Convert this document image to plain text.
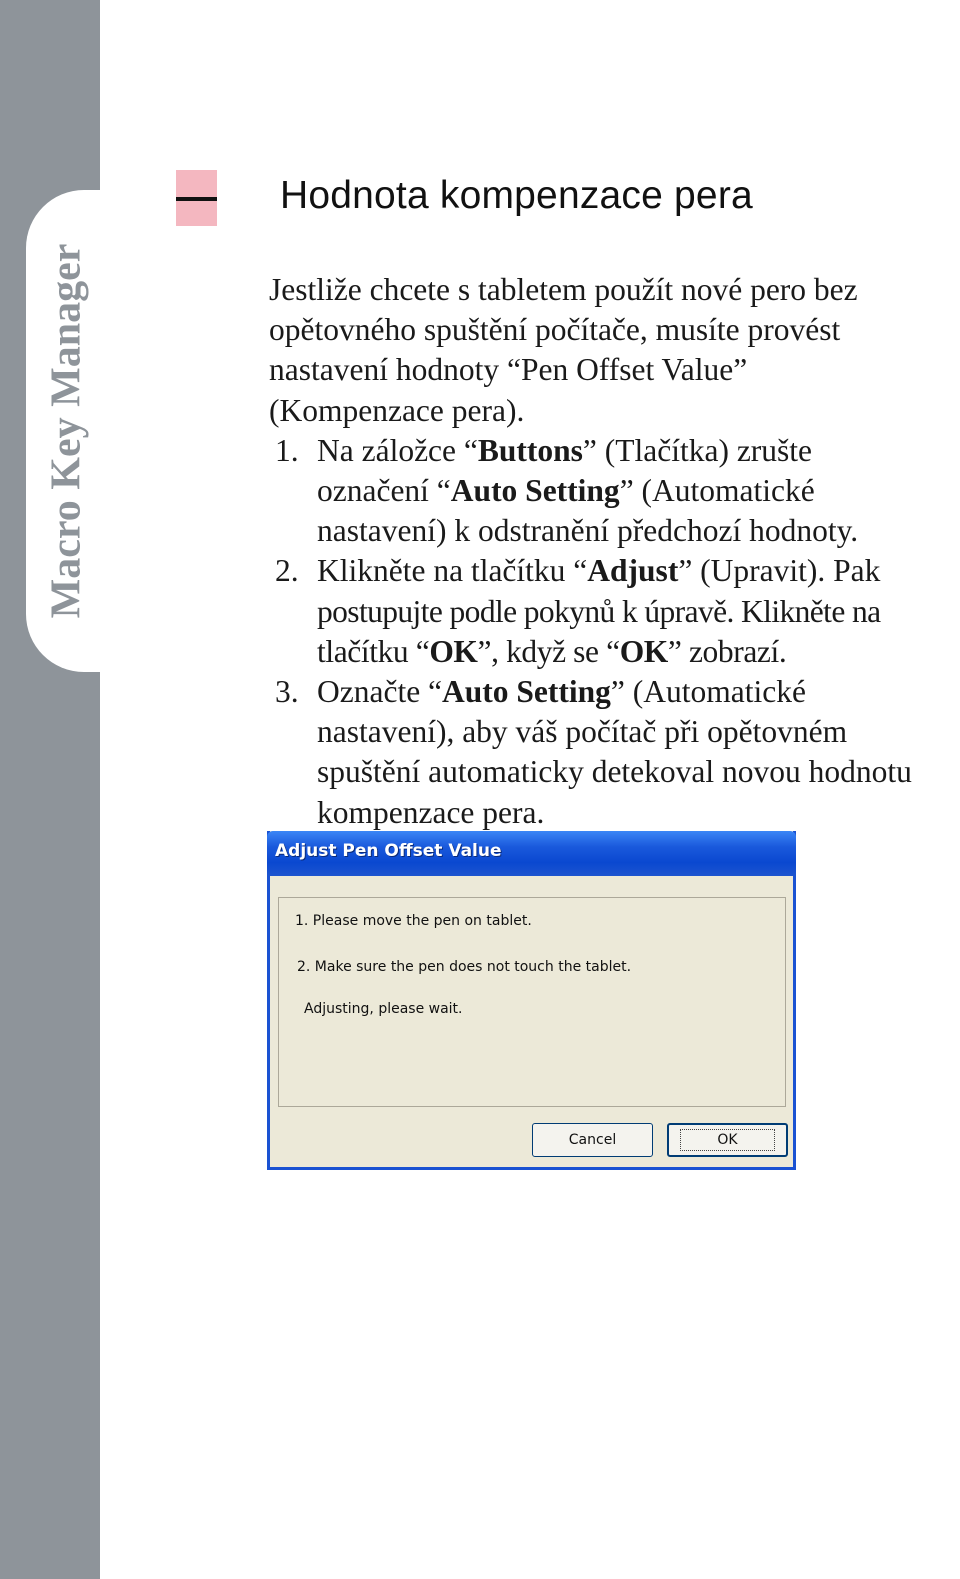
Macro Key Manager
Hodnota kompenzace pera

Jestliže chcete s tabletem použít nové pero bez

opětovného spuštění počítače, musíte provést

nastavení hodnoty “Pen Offset Value”

(Kompenzace pera).

1. Na záložce “Buttons” (Tlačítka) zrušte
označení “Auto Setting” (Automatické
nastavení) k odstranění předchozí hodnoty.
2. Klikněte na tlačítku “Adjust” (Upravit). Pak
postupujte podle pokynů k úpravě. Klikněte na
tlačítku “OK”, když se “OK” zobrazí.
3. Označte “Auto Setting” (Automatické
nastavení), aby váš počítač při opětovném
spuštění automaticky detekoval novou hodnotu
kompenzace pera.
Adjust Pen Offset Value
1. Please move the pen on tablet.
2. Make sure the pen does not touch the tablet.
Adjusting, please wait.
Cancel	OK
